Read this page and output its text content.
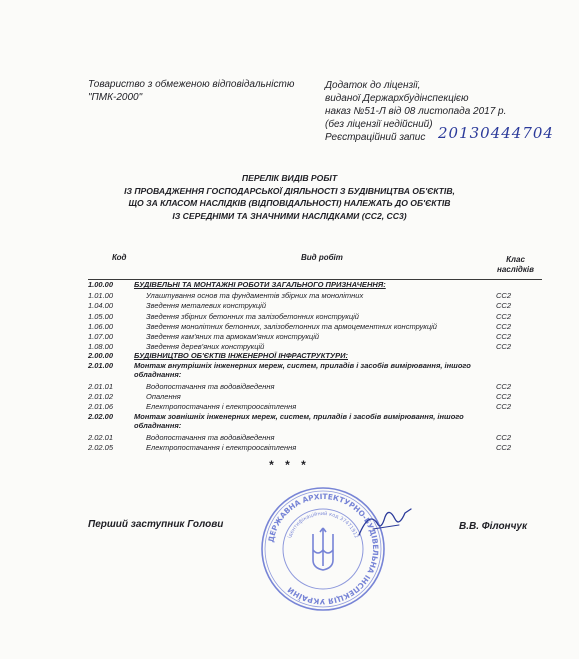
Товариство з обмеженою відповідальністю
"ПМК-2000"
Додаток до ліцензії,
виданої Держархбудінспекцією
наказ №51-Л від 08 листопада 2017 р.
(без ліцензії недійсний)
Реєстраційний запис 20130444704
ПЕРЕЛІК ВИДІВ РОБІТ
ІЗ ПРОВАДЖЕННЯ ГОСПОДАРСЬКОЇ ДІЯЛЬНОСТІ З БУДІВНИЦТВА ОБ'ЄКТІВ,
ЩО ЗА КЛАСОМ НАСЛІДКІВ (ВІДПОВІДАЛЬНОСТІ) НАЛЕЖАТЬ ДО ОБ'ЄКТІВ
ІЗ СЕРЕДНІМИ ТА ЗНАЧНИМИ НАСЛІДКАМИ (СС2, СС3)
Код	Вид робіт	Клас
наслідків
1.00.00	БУДІВЕЛЬНІ ТА МОНТАЖНІ РОБОТИ ЗАГАЛЬНОГО ПРИЗНАЧЕННЯ:
1.01.00	Улаштування основ та фундаментів збірних та монолітних	СС2
1.04.00	Зведення металевих конструкцій	СС2
1.05.00	Зведення збірних бетонних та залізобетонних конструкцій	СС2
1.06.00	Зведення монолітних бетонних, залізобетонних та армоцементних конструкцій	СС2
1.07.00	Зведення кам'яних та армокам'яних конструкцій	СС2
1.08.00	Зведення дерев'яних конструкцій	СС2
2.00.00	БУДІВНИЦТВО ОБ'ЄКТІВ ІНЖЕНЕРНОЇ ІНФРАСТРУКТУРИ:
2.01.00	Монтаж внутрішніх інженерних мереж, систем, приладів і засобів вимірювання, іншого обладнання:
2.01.01	Водопостачання та водовідведення	СС2
2.01.02	Опалення	СС2
2.01.06	Електропостачання і електроосвітлення	СС2
2.02.00	Монтаж зовнішніх інженерних мереж, систем, приладів і засобів вимірювання, іншого обладнання:
2.02.01	Водопостачання та водовідведення	СС2
2.02.05	Електропостачання і електроосвітлення	СС2
* * *
ДЕРЖАВНА АРХІТЕКТУРНО-БУДІВЕЛЬНА ІНСПЕКЦІЯ УКРАЇНИ
ідентифікаційний код 37471912
Перший заступник Голови	В.В. Філончук
